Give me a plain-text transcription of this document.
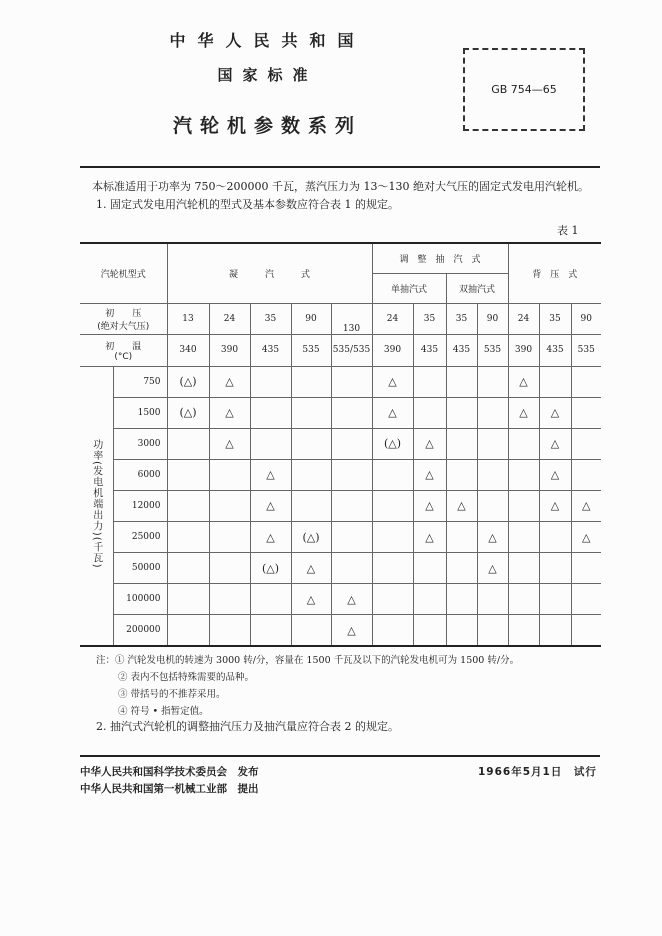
中华人民共和国
国家标准
汽轮机参数系列
GB 754—65
本标准适用于功率为 750～200000 千瓦，蒸汽压力为 13～130 绝对大气压的固定式发电用汽轮机。
1. 固定式发电用汽轮机的型式及基本参数应符合表 1 的规定。
表 1
汽轮机型式		凝　　　汽　　　式					调　整　抽　汽　式				背　压　式		
							单抽汽式		双抽汽式				

初　　压
(绝对大气压)		13	24	35	90	130	24	35	35	90	24	35	90

初　　温
(°C)		340	390	435	535	535/535	390	435	435	535	390	435	535
功率(发电机端出力)(千瓦)	750	(△)	△				△				△		
	1500	(△)	△				△				△	△	
	3000		△				(△)	△				△	
	6000			△				△				△	
	12000			△				△	△			△	△
	25000			△	(△)			△		△			△
	50000			(△)	△					△			
	100000				△	△							
	200000					△							
注：① 汽轮发电机的转速为 3000 转/分，容量在 1500 千瓦及以下的汽轮发电机可为 1500 转/分。
② 表内不包括特殊需要的品种。
③ 带括号的不推荐采用。
④ 符号 • 指暂定值。
2. 抽汽式汽轮机的调整抽汽压力及抽汽量应符合表 2 的规定。
中华人民共和国科学技术委员会　发布
中华人民共和国第一机械工业部　提出
1966年5月1日　试行
